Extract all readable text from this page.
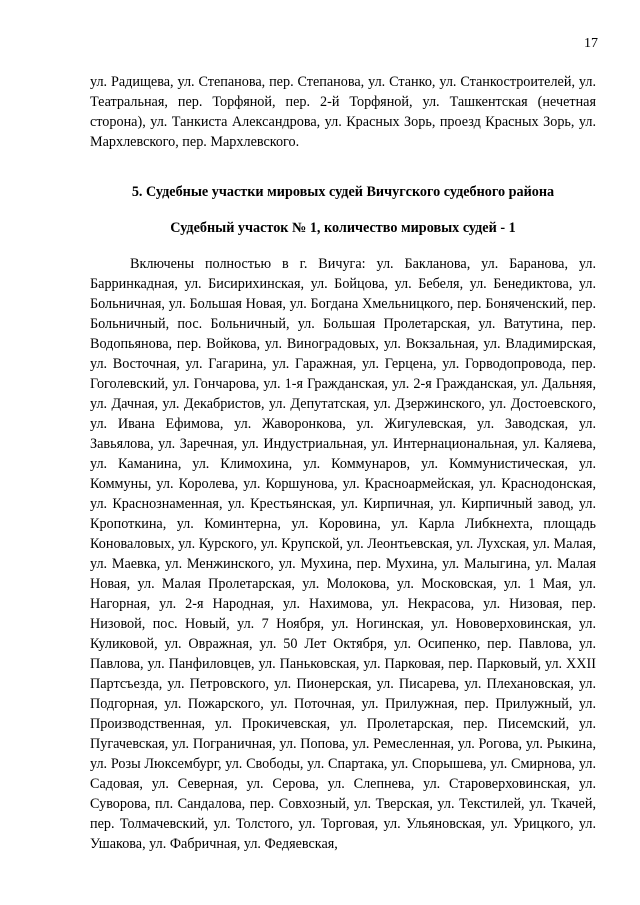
17

ул. Радищева, ул. Степанова, пер. Степанова, ул. Станко, ул. Станкостроителей, ул. Театральная, пер. Торфяной, пер. 2-й Торфяной, ул. Ташкентская (нечетная сторона), ул. Танкиста Александрова, ул. Красных Зорь, проезд Красных Зорь, ул. Мархлевского, пер. Мархлевского.

5. Судебные участки мировых судей Вичугского судебного района
Судебный участок № 1, количество мировых судей - 1

Включены полностью в г. Вичуга: ул. Бакланова, ул. Баранова, ул. Барринкадная, ул. Бисирихинская, ул. Бойцова, ул. Бебеля, ул. Бенедиктова, ул. Больничная, ул. Большая Новая, ул. Богдана Хмельницкого, пер. Боняченский, пер. Больничный, пос. Больничный, ул. Большая Пролетарская, ул. Ватутина, пер. Водопьянова, пер. Войкова, ул. Виноградовых, ул. Вокзальная, ул. Владимирская, ул. Восточная, ул. Гагарина, ул. Гаражная, ул. Герцена, ул. Горводопровода, пер. Гоголевский, ул. Гончарова, ул. 1-я Гражданская, ул. 2-я Гражданская, ул. Дальняя, ул. Дачная, ул. Декабристов, ул. Депутатская, ул. Дзержинского, ул. Достоевского, ул. Ивана Ефимова, ул. Жаворонкова, ул. Жигулевская, ул. Заводская, ул. Завьялова, ул. Заречная, ул. Индустриальная, ул. Интернациональная, ул. Каляева, ул. Каманина, ул. Климохина, ул. Коммунаров, ул. Коммунистическая, ул. Коммуны, ул. Королева, ул. Коршунова, ул. Красноармейская, ул. Краснодонская, ул. Краснознаменная, ул. Крестьянская, ул. Кирпичная, ул. Кирпичный завод, ул. Кропоткина, ул. Коминтерна, ул. Коровина, ул. Карла Либкнехта, площадь Коноваловых, ул. Курского, ул. Крупской, ул. Леонтьевская, ул. Лухская, ул. Малая, ул. Маевка, ул. Менжинского, ул. Мухина, пер. Мухина, ул. Малыгина, ул. Малая Новая, ул. Малая Пролетарская, ул. Молокова, ул. Московская, ул. 1 Мая, ул. Нагорная, ул. 2-я Народная, ул. Нахимова, ул. Некрасова, ул. Низовая, пер. Низовой, пос. Новый, ул. 7 Ноября, ул. Ногинская, ул. Нововерховинская, ул. Куликовой, ул. Овражная, ул. 50 Лет Октября, ул. Осипенко, пер. Павлова, ул. Павлова, ул. Панфиловцев, ул. Паньковская, ул. Парковая, пер. Парковый, ул. XXII Партсъезда, ул. Петровского, ул. Пионерская, ул. Писарева, ул. Плехановская, ул. Подгорная, ул. Пожарского, ул. Поточная, ул. Прилужная, пер. Прилужный, ул. Производственная, ул. Прокичевская, ул. Пролетарская, пер. Писемский, ул. Пугачевская, ул. Пограничная, ул. Попова, ул. Ремесленная, ул. Рогова, ул. Рыкина, ул. Розы Люксембург, ул. Свободы, ул. Спартака, ул. Спорышева, ул. Смирнова, ул. Садовая, ул. Северная, ул. Серова, ул. Слепнева, ул. Староверховинская, ул. Суворова, пл. Сандалова, пер. Совхозный, ул. Тверская, ул. Текстилей, ул. Ткачей, пер. Толмачевский, ул. Толстого, ул. Торговая, ул. Ульяновская, ул. Урицкого, ул. Ушакова, ул. Фабричная, ул. Федяевская,
